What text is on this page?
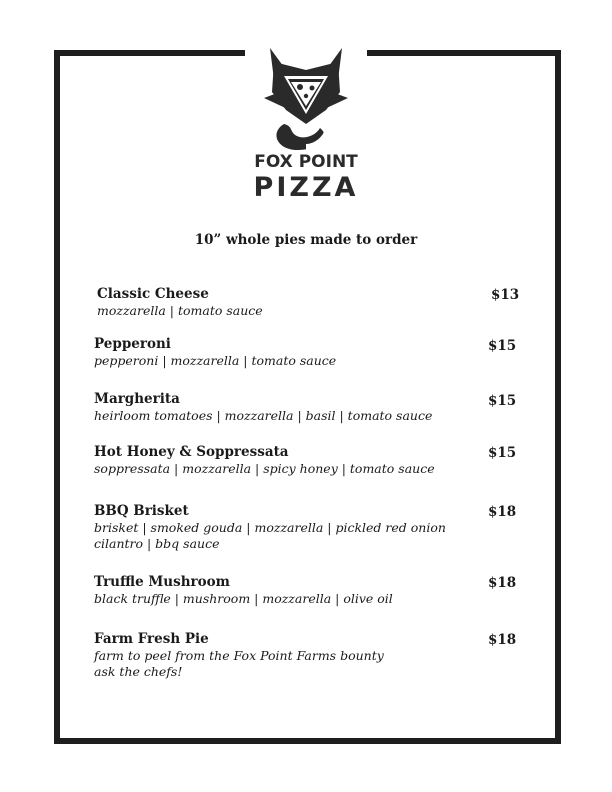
FOX POINT
PIZZA
10” whole pies made to order
Classic Cheese
mozzarella | tomato sauce
$13
Pepperoni
pepperoni | mozzarella | tomato sauce
$15
Margherita
heirloom tomatoes | mozzarella | basil | tomato sauce
$15
Hot Honey & Soppressata
soppressata | mozzarella | spicy honey | tomato sauce
$15
BBQ Brisket
brisket | smoked gouda | mozzarella | pickled red onion
cilantro | bbq sauce
$18
Truffle Mushroom
black truffle | mushroom | mozzarella | olive oil
$18
Farm Fresh Pie
farm to peel from the Fox Point Farms bounty
ask the chefs!
$18
